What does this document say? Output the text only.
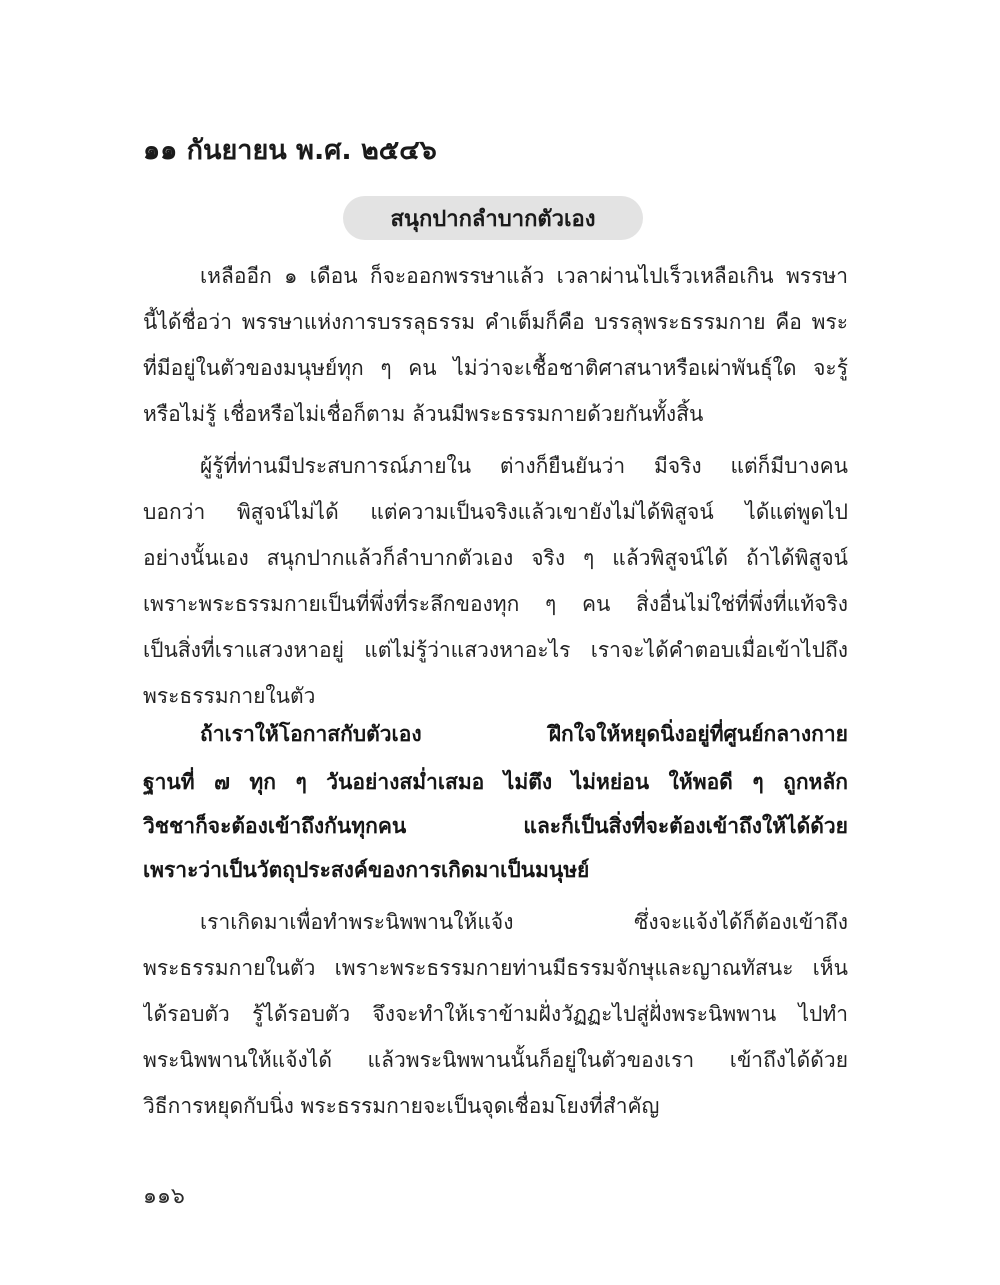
๑๑ กันยายน พ.ศ. ๒๕๔๖
สนุกปากลำบากตัวเอง
เหลืออีก ๑ เดือน ก็จะออกพรรษาแล้ว เวลาผ่านไปเร็วเหลือเกิน พรรษา
นี้ได้ชื่อว่า พรรษาแห่งการบรรลุธรรม คำเต็มก็คือ บรรลุพระธรรมกาย คือ พระ
ที่มีอยู่ในตัวของมนุษย์ทุก ๆ คน ไม่ว่าจะเชื้อชาติศาสนาหรือเผ่าพันธุ์ใด จะรู้
หรือไม่รู้ เชื่อหรือไม่เชื่อก็ตาม ล้วนมีพระธรรมกายด้วยกันทั้งสิ้น
ผู้รู้ที่ท่านมีประสบการณ์ภายใน ต่างก็ยืนยันว่า มีจริง แต่ก็มีบางคน
บอกว่า พิสูจน์ไม่ได้ แต่ความเป็นจริงแล้วเขายังไม่ได้พิสูจน์ ได้แต่พูดไป
อย่างนั้นเอง สนุกปากแล้วก็ลำบากตัวเอง จริง ๆ แล้วพิสูจน์ได้ ถ้าได้พิสูจน์
เพราะพระธรรมกายเป็นที่พึ่งที่ระลึกของทุก ๆ คน สิ่งอื่นไม่ใช่ที่พึ่งที่แท้จริง
เป็นสิ่งที่เราแสวงหาอยู่ แต่ไม่รู้ว่าแสวงหาอะไร เราจะได้คำตอบเมื่อเข้าไปถึง
พระธรรมกายในตัว
ถ้าเราให้โอกาสกับตัวเอง ฝึกใจให้หยุดนิ่งอยู่ที่ศูนย์กลางกาย
ฐานที่ ๗ ทุก ๆ วันอย่างสม่ำเสมอ ไม่ตึง ไม่หย่อน ให้พอดี ๆ ถูกหลัก
วิชชาก็จะต้องเข้าถึงกันทุกคน และก็เป็นสิ่งที่จะต้องเข้าถึงให้ได้ด้วย
เพราะว่าเป็นวัตถุประสงค์ของการเกิดมาเป็นมนุษย์
เราเกิดมาเพื่อทำพระนิพพานให้แจ้ง ซึ่งจะแจ้งได้ก็ต้องเข้าถึง
พระธรรมกายในตัว เพราะพระธรรมกายท่านมีธรรมจักษุและญาณทัสนะ เห็น
ได้รอบตัว รู้ได้รอบตัว จึงจะทำให้เราข้ามฝั่งวัฏฏะไปสู่ฝั่งพระนิพพาน ไปทำ
พระนิพพานให้แจ้งได้ แล้วพระนิพพานนั้นก็อยู่ในตัวของเรา เข้าถึงได้ด้วย
วิธีการหยุดกับนิ่ง พระธรรมกายจะเป็นจุดเชื่อมโยงที่สำคัญ
๑๑๖
